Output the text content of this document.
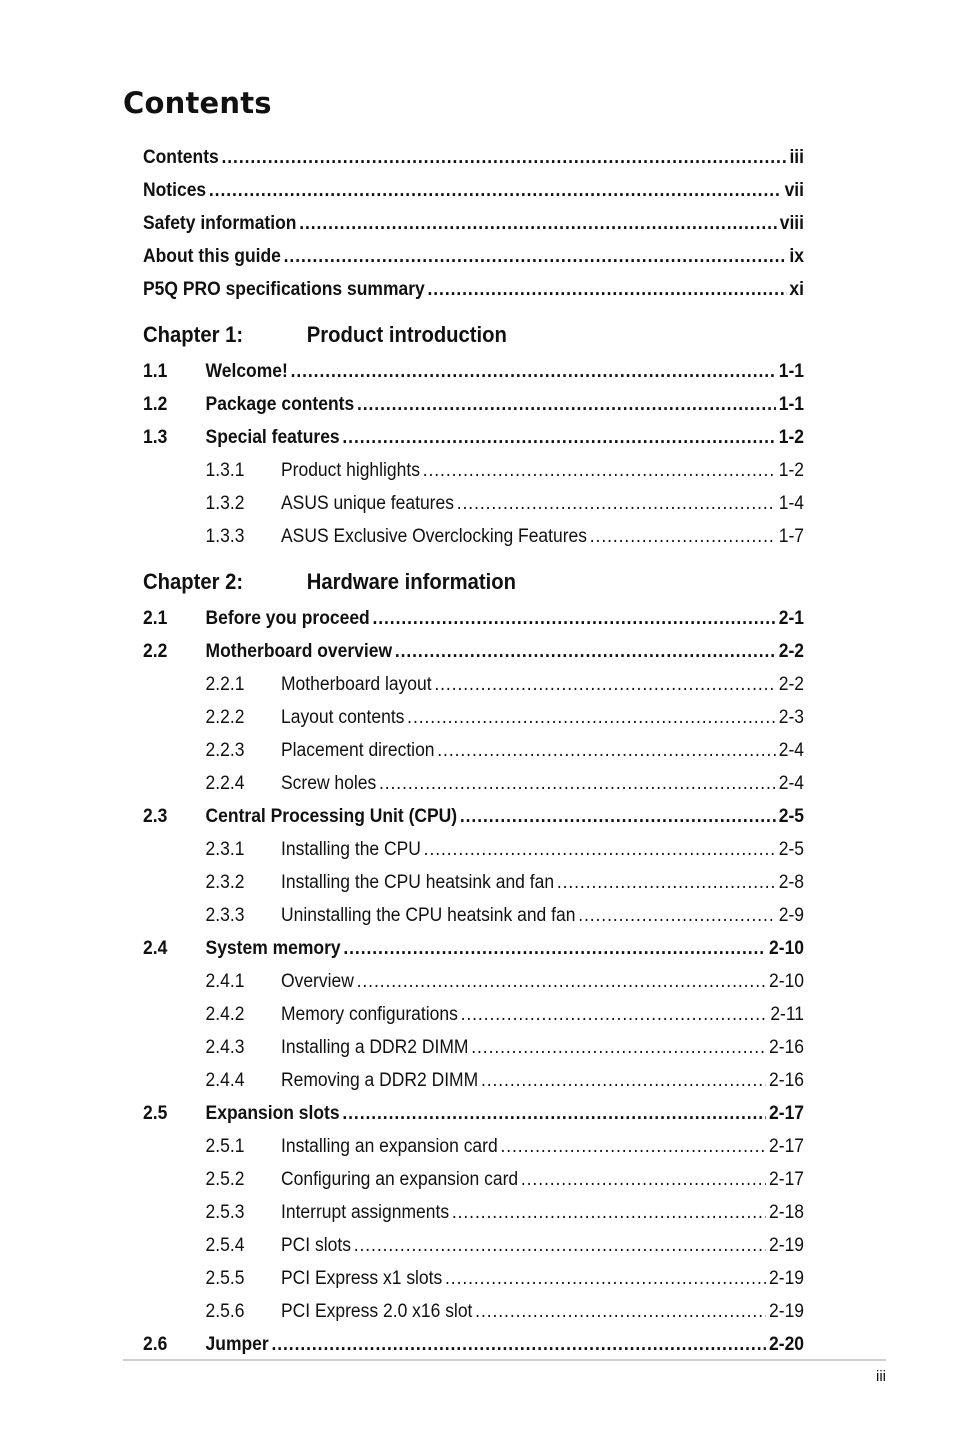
Contents
Contents .....	iii
Notices .....	vii
Safety information .....	viii
About this guide .....	ix
P5Q PRO specifications summary .....	xi
Chapter 1:	Product introduction
1.1	Welcome! .....	1-1
1.2	Package contents .....	1-1
1.3	Special features .....	1-2
1.3.1	Product highlights .....	1-2
1.3.2	ASUS unique features .....	1-4
1.3.3	ASUS Exclusive Overclocking Features .....	1-7
Chapter 2:	Hardware information
2.1	Before you proceed .....	2-1
2.2	Motherboard overview .....	2-2
2.2.1	Motherboard layout .....	2-2
2.2.2	Layout contents .....	2-3
2.2.3	Placement direction .....	2-4
2.2.4	Screw holes .....	2-4
2.3	Central Processing Unit (CPU) .....	2-5
2.3.1	Installing the CPU .....	2-5
2.3.2	Installing the CPU heatsink and fan .....	2-8
2.3.3	Uninstalling the CPU heatsink and fan .....	2-9
2.4	System memory .....	2-10
2.4.1	Overview .....	2-10
2.4.2	Memory configurations .....	2-11
2.4.3	Installing a DDR2 DIMM .....	2-16
2.4.4	Removing a DDR2 DIMM .....	2-16
2.5	Expansion slots .....	2-17
2.5.1	Installing an expansion card .....	2-17
2.5.2	Configuring an expansion card .....	2-17
2.5.3	Interrupt assignments .....	2-18
2.5.4	PCI slots .....	2-19
2.5.5	PCI Express x1 slots .....	2-19
2.5.6	PCI Express 2.0 x16 slot .....	2-19
2.6	Jumper .....	2-20
iii
